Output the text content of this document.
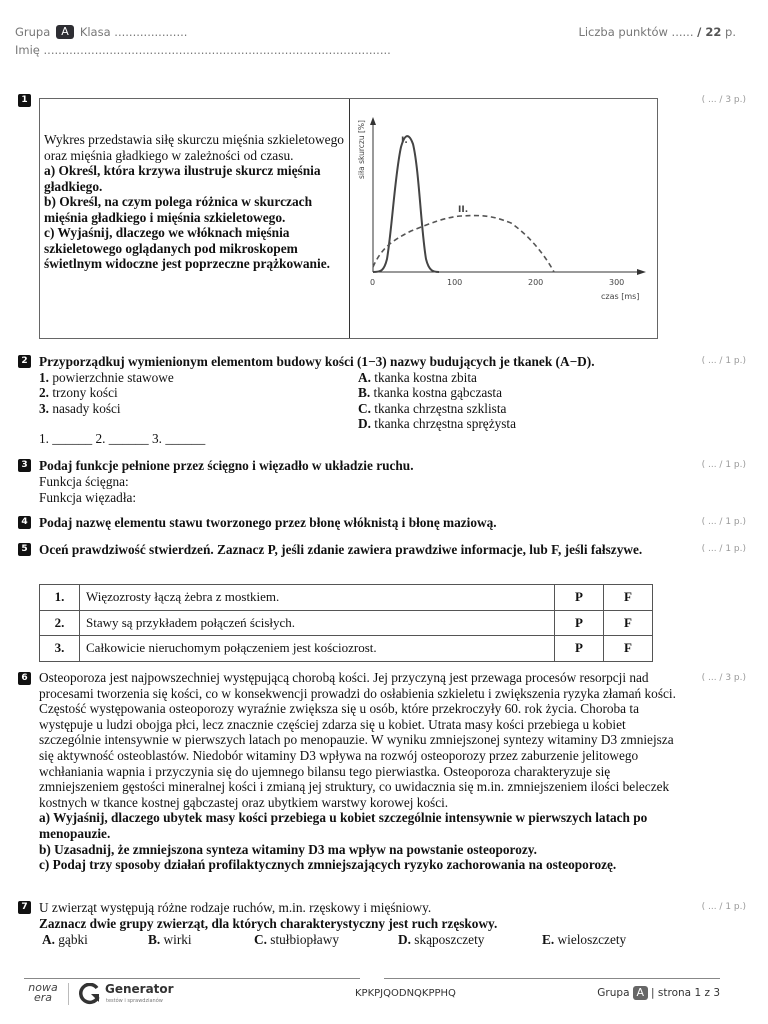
Grupa A Klasa ....................
Imię ...............................................................................................
Liczba punktów ...... / 22 p.
1	( ... / 3 p.)
Wykres przedstawia siłę skurczu mięśnia szkieletowego oraz mięśnia gładkiego w zależności od czasu.
a) Określ, która krzywa ilustruje skurcz mięśnia gładkiego.
b) Określ, na czym polega różnica w skurczach mięśnia gładkiego i mięśnia szkieletowego.
c) Wyjaśnij, dlaczego we włóknach mięśnia szkieletowego oglądanych pod mikroskopem świetlnym widoczne jest poprzeczne prążkowanie.
I.
II.
0	100	200	300
czas [ms]
siła skurczu [%]
2	( ... / 1 p.)
Przyporządkuj wymienionym elementom budowy kości (1−3) nazwy budujących je tkanek (A−D).
1. powierzchnie stawowe
2. trzony kości
3. nasady kości
A. tkanka kostna zbita
B. tkanka kostna gąbczasta
C. tkanka chrzęstna szklista
D. tkanka chrzęstna sprężysta
1. ______ 2. ______ 3. ______
3	( ... / 1 p.)
Podaj funkcje pełnione przez ścięgno i więzadło w układzie ruchu.
Funkcja ścięgna:
Funkcja więzadła:
4	( ... / 1 p.)
Podaj nazwę elementu stawu tworzonego przez błonę włóknistą i błonę maziową.
5	( ... / 1 p.)
Oceń prawdziwość stwierdzeń. Zaznacz P, jeśli zdanie zawiera prawdziwe informacje, lub F, jeśli fałszywe.
1.	Więzozrosty łączą żebra z mostkiem.	P	F
2.	Stawy są przykładem połączeń ścisłych.	P	F
3.	Całkowicie nieruchomym połączeniem jest kościozrost.	P	F
6	( ... / 3 p.)
Osteoporoza jest najpowszechniej występującą chorobą kości. Jej przyczyną jest przewaga procesów resorpcji nad procesami tworzenia się kości, co w konsekwencji prowadzi do osłabienia szkieletu i zwiększenia ryzyka złamań kości. Częstość występowania osteoporozy wyraźnie zwiększa się u osób, które przekroczyły 60. rok życia. Choroba ta występuje u ludzi obojga płci, lecz znacznie częściej zdarza się u kobiet. Utrata masy kości przebiega u kobiet szczególnie intensywnie w pierwszych latach po menopauzie. W wyniku zmniejszonej syntezy witaminy D3 zmniejsza się aktywność osteoblastów. Niedobór witaminy D3 wpływa na rozwój osteoporozy przez zaburzenie jelitowego wchłaniania wapnia i przyczynia się do ujemnego bilansu tego pierwiastka. Osteoporoza charakteryzuje się zmniejszeniem gęstości mineralnej kości i zmianą jej struktury, co uwidacznia się m.in. zmniejszeniem ilości beleczek kostnych w tkance kostnej gąbczastej oraz ubytkiem warstwy korowej kości.
a) Wyjaśnij, dlaczego ubytek masy kości przebiega u kobiet szczególnie intensywnie w pierwszych latach po menopauzie.
b) Uzasadnij, że zmniejszona synteza witaminy D3 ma wpływ na powstanie osteoporozy.
c) Podaj trzy sposoby działań profilaktycznych zmniejszających ryzyko zachorowania na osteoporozę.
7	( ... / 1 p.)
U zwierząt występują różne rodzaje ruchów, m.in. rzęskowy i mięśniowy.
Zaznacz dwie grupy zwierząt, dla których charakterystyczny jest ruch rzęskowy.
A. gąbki	B. wirki	C. stułbiopławy	D. skąposzczety	E. wieloszczety
nowa era
Generator
testów i sprawdzianów
KPKPJQODNQKPPHQ	Grupa A | strona 1 z 3
